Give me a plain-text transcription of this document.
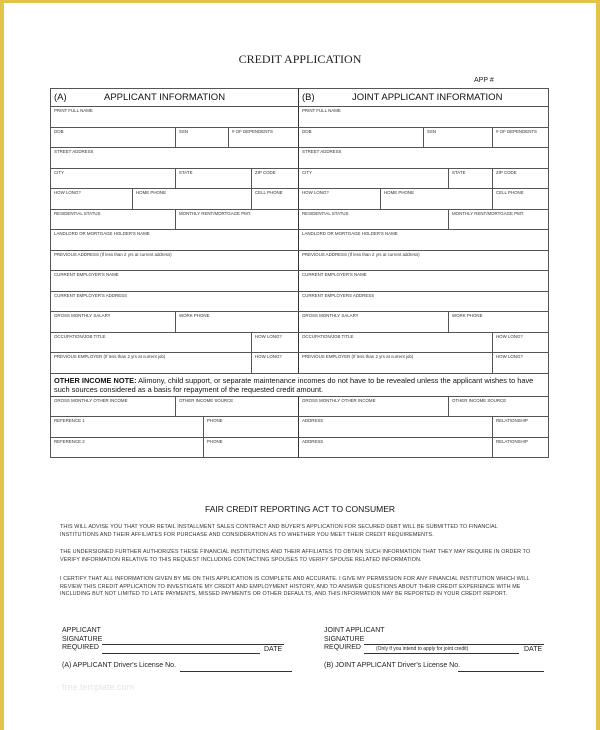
CREDIT APPLICATION
APP #
(A) APPLICANT INFORMATION						(B) JOINT APPLICANT INFORMATION				
PRINT FULL NAME						PRINT FULL NAME				
DOB		SSN		# OF DEPENDENTS		DOB		SSN		# OF DEPENDENTS
STREET ADDRESS						STREET ADDRESS				
CITY		STATE			ZIP CODE	CITY			STATE	ZIP CODE
HOW LONG?	HOME PHONE				CELL PHONE	HOW LONG?	HOME PHONE			CELL PHONE
RESIDENTIAL STATUS		MONTHLY RENT/MORTGAGE PMT.				RESIDENTIAL STATUS			MONTHLY RENT/MORTGAGE PMT.	
LANDLORD OR MORTGAGE HOLDER'S NAME						LANDLORD OR MORTGAGE HOLDER'S NAME				
PREVIOUS ADDRESS (If less than 2 yrs at current address)						PREVIOUS ADDRESS (If less than 2 yrs at current address)				
CURRENT EMPLOYER'S NAME						CURRENT EMPLOYER'S NAME				
CURRENT EMPLOYER'S ADDRESS						CURRENT EMPLOYERS ADDRESS				
GROSS MONTHLY SALARY		WORK PHONE				GROSS MONTHLY SALARY			WORK PHONE	
OCCUPATION/JOB TITLE					HOW LONG?	OCCUPATION/JOB TITLE				HOW LONG?
PREVIOUS EMPLOYER (If less than 2 yrs at current job)					HOW LONG?	PREVIOUS EMPLOYER (If less than 2 yrs at current job)				HOW LONG?
OTHER INCOME NOTE: Alimony, child support, or separate maintenance incomes do not have to be revealed unless the applicant wishes to have such sources considered as a basis for repayment of the requested credit amount.										
GROSS MONTHLY OTHER INCOME		OTHER INCOME SOURCE				GROSS MONTHLY OTHER INCOME			OTHER INCOME SOURCE	
REFERENCE 1			PHONE			ADDRESS				RELATIONSHIP
REFERENCE 2			PHONE			ADDRESS				RELATIONSHIP
FAIR CREDIT REPORTING ACT TO CONSUMER
THIS WILL ADVISE YOU THAT YOUR RETAIL INSTALLMENT SALES CONTRACT AND BUYER'S APPLICATION FOR SECURED DEBT WILL BE SUBMITTED TO FINANCIAL INSTITUTIONS AND THEIR AFFILIATES FOR PURCHASE AND CONSIDERATION AS TO WHETHER YOU MEET THEIR CREDIT REQUIREMENTS.
THE UNDERSIGNED FURTHER AUTHORIZES THESE FINANCIAL INSTITUTIONS AND THEIR AFFILIATES TO OBTAIN SUCH INFORMATION THAT THEY MAY REQUIRE IN ORDER TO VERIFY INFORMATION RELATIVE TO THIS REQUEST INCLUDING CONTACTING SPOUSES TO VERIFY SPOUSE RELATED INFORMATION.
I CERTIFY THAT ALL INFORMATION GIVEN BY ME ON THIS APPLICATION IS COMPLETE AND ACCURATE. I GIVE MY PERMISSION FOR ANY FINANCIAL INSTITUTION WHICH WILL REVIEW THIS CREDIT APPLICATION TO INVESTIGATE MY CREDIT AND EMPLOYMENT HISTORY, AND TO ANSWER QUESTIONS ABOUT THEIR CREDIT EXPERIENCE WITH ME INCLUDING BUT NOT LIMITED TO LATE PAYMENTS, MISSED PAYMENTS OR OTHER DEFAULTS, AND THIS INFORMATION MAY BE REPORTED IN YOUR CREDIT REPORT.
APPLICANT
SIGNATURE
REQUIRED	DATE
(A) APPLICANT Driver's License No.
JOINT APPLICANT
SIGNATURE
REQUIRED	(Only if you intend to apply for joint credit)	DATE
(B) JOINT APPLICANT Driver's License No.
free.template.com
